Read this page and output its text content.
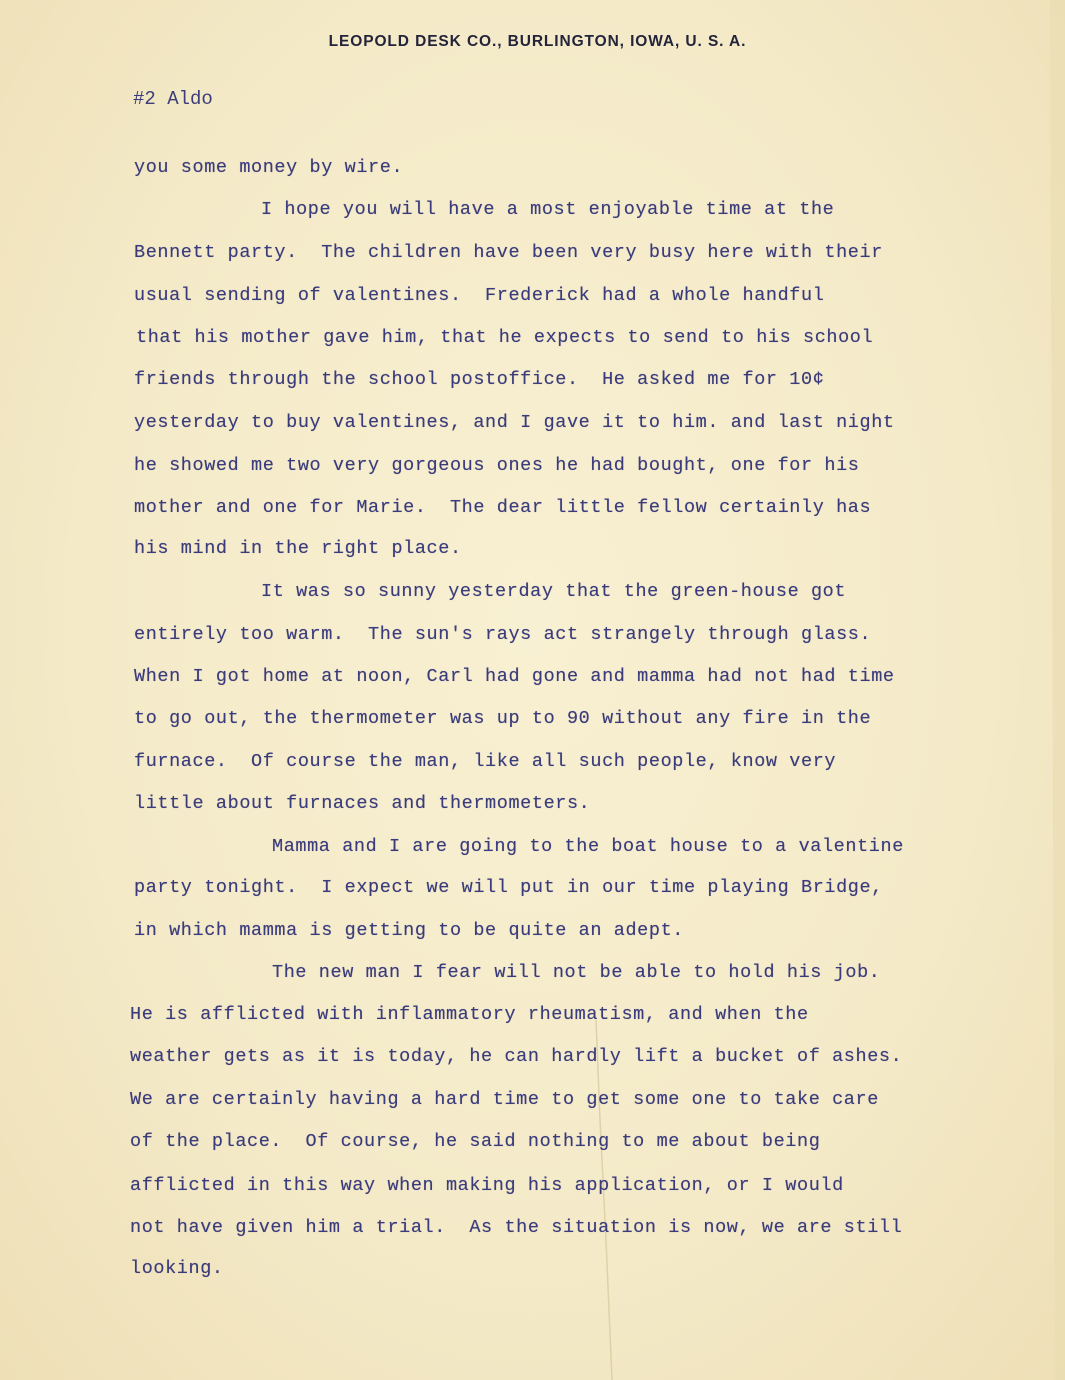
LEOPOLD DESK CO., BURLINGTON, IOWA, U. S. A.
#2 Aldo
you some money by wire.
I hope you will have a most enjoyable time at the
Bennett party.  The children have been very busy here with their
usual sending of valentines.  Frederick had a whole handful
that his mother gave him, that he expects to send to his school
friends through the school postoffice.  He asked me for 10¢
yesterday to buy valentines, and I gave it to him. and last night
he showed me two very gorgeous ones he had bought, one for his
mother and one for Marie.  The dear little fellow certainly has
his mind in the right place.
It was so sunny yesterday that the green-house got
entirely too warm.  The sun's rays act strangely through glass.
When I got home at noon, Carl had gone and mamma had not had time
to go out, the thermometer was up to 90 without any fire in the
furnace.  Of course the man, like all such people, know very
little about furnaces and thermometers.
Mamma and I are going to the boat house to a valentine
party tonight.  I expect we will put in our time playing Bridge,
in which mamma is getting to be quite an adept.
The new man I fear will not be able to hold his job.
He is afflicted with inflammatory rheumatism, and when the
weather gets as it is today, he can hardly lift a bucket of ashes.
We are certainly having a hard time to get some one to take care
of the place.  Of course, he said nothing to me about being
afflicted in this way when making his application, or I would
not have given him a trial.  As the situation is now, we are still
looking.
